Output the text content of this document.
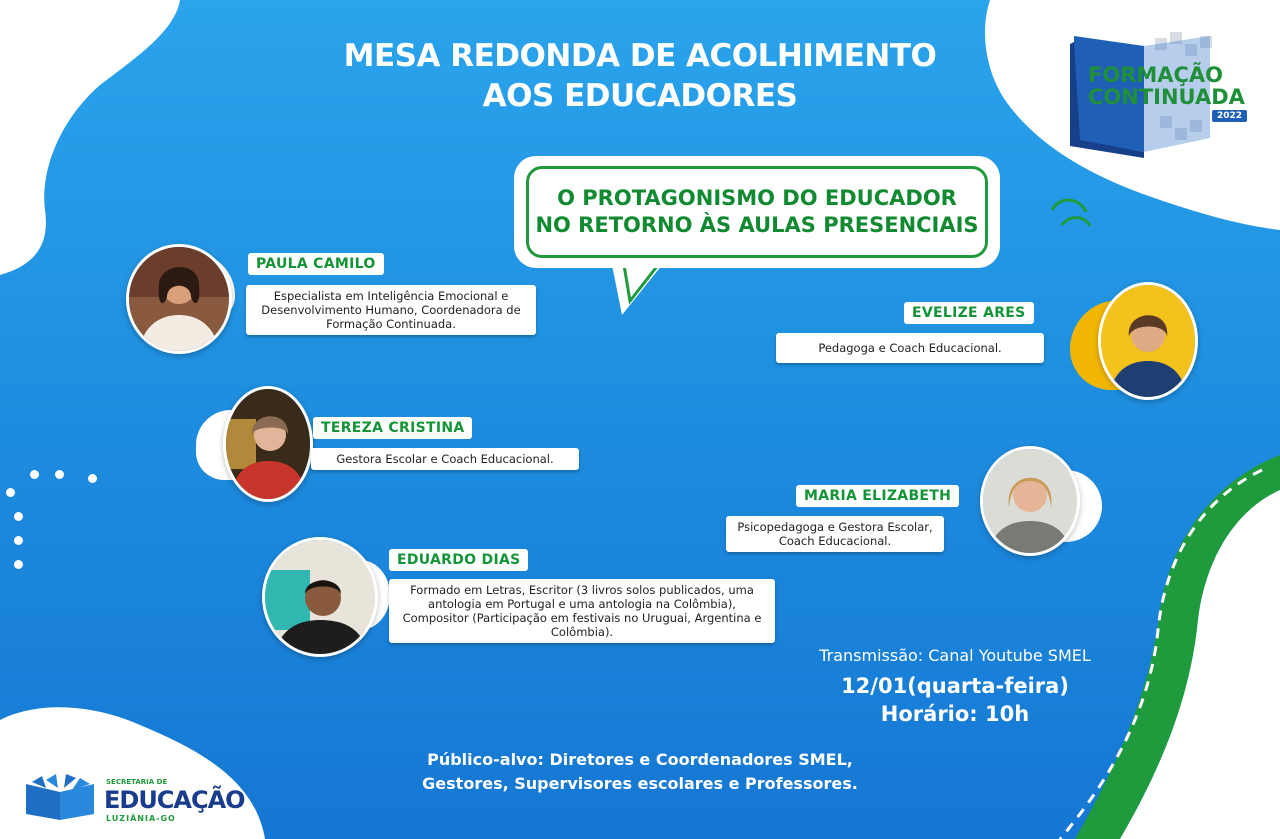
MESA REDONDA DE ACOLHIMENTO
AOS EDUCADORES
FORMAÇÃO
CONTINUADA
2022
O PROTAGONISMO DO EDUCADOR
NO RETORNO ÀS AULAS PRESENCIAIS
PAULA CAMILO
Especialista em Inteligência Emocional e Desenvolvimento Humano, Coordenadora de Formação Continuada.
TEREZA CRISTINA
Gestora Escolar e Coach Educacional.
EDUARDO DIAS
Formado em Letras, Escritor (3 livros solos publicados, uma antologia em Portugal e uma antologia na Colômbia), Compositor (Participação em festivais no Uruguai, Argentina e Colômbia).
EVELIZE ARES
Pedagoga e Coach Educacional.
MARIA ELIZABETH
Psicopedagoga e Gestora Escolar, Coach Educacional.
Transmissão: Canal Youtube SMEL
12/01(quarta-feira)
Horário: 10h
Público-alvo: Diretores e Coordenadores SMEL,
Gestores, Supervisores escolares e Professores.
SECRETARIA DE
EDUCAÇÃO
LUZIÂNIA-GO
